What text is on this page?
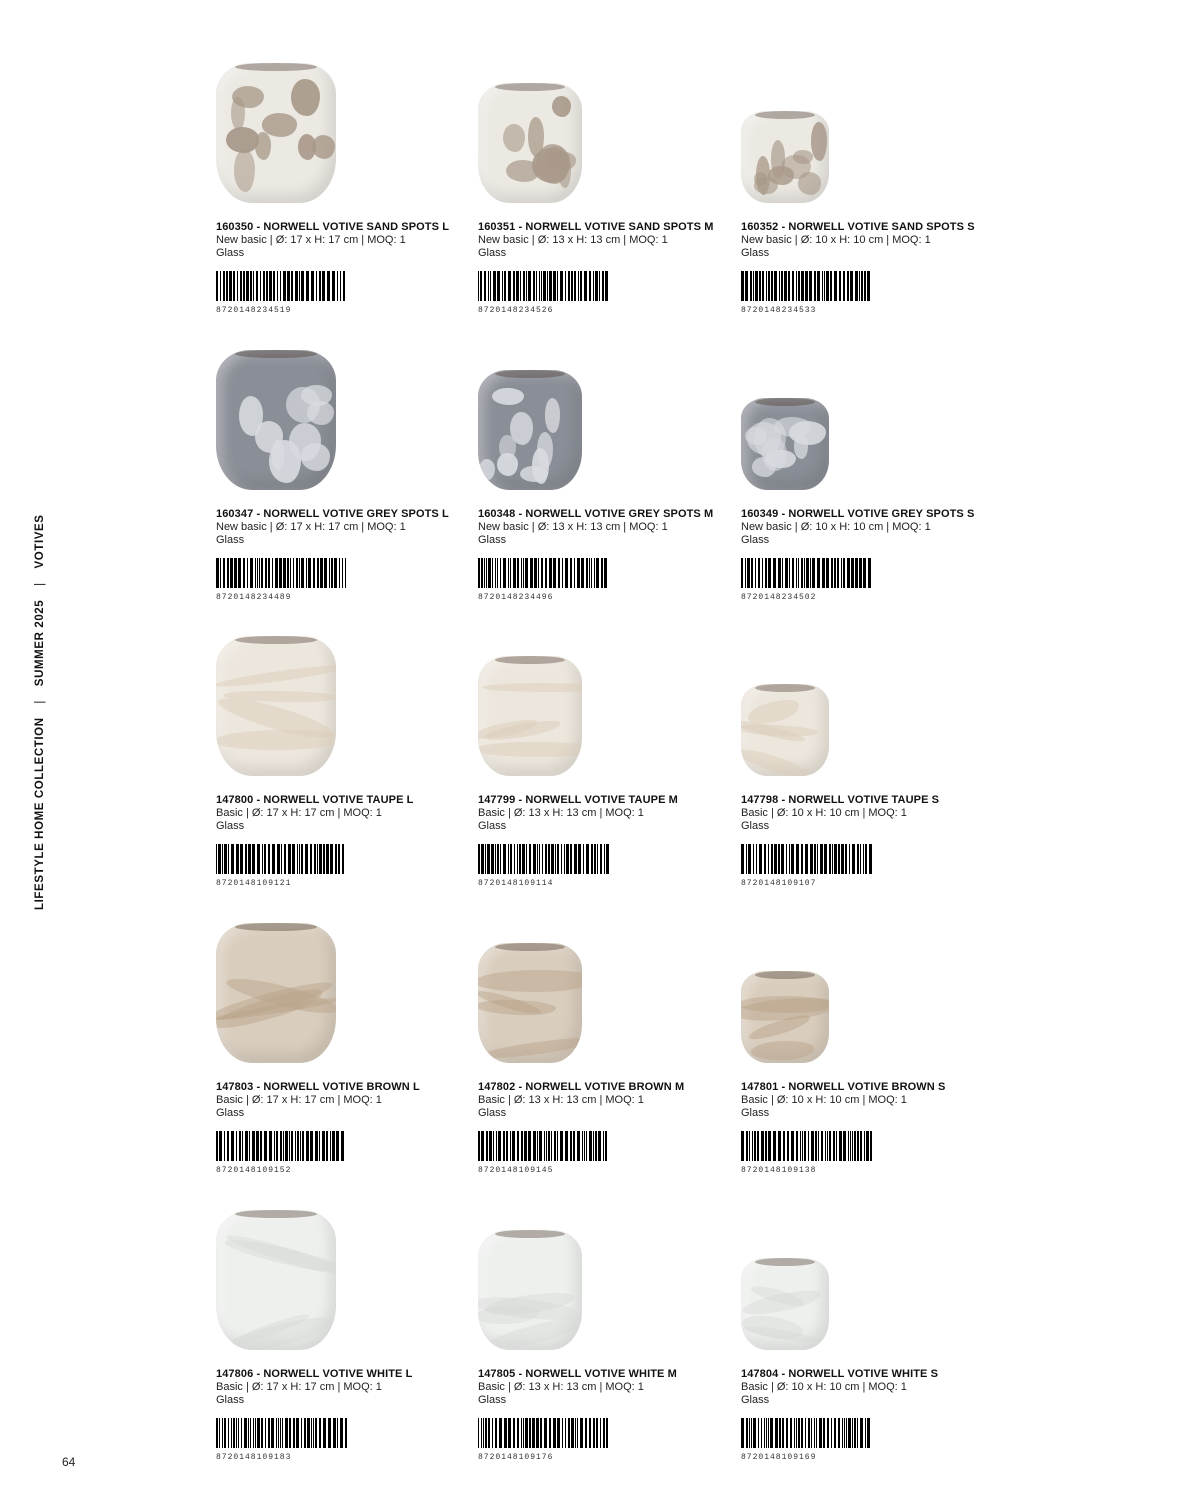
LIFESTYLE HOME COLLECTION | SUMMER 2025 | VOTIVES
64
160350 - NORWELL VOTIVE SAND SPOTS L
New basic | Ø: 17 x H: 17 cm | MOQ: 1
Glass
8720148234519
160351 - NORWELL VOTIVE SAND SPOTS M
New basic | Ø: 13 x H: 13 cm | MOQ: 1
Glass
8720148234526
160352 - NORWELL VOTIVE SAND SPOTS S
New basic | Ø: 10 x H: 10 cm | MOQ: 1
Glass
8720148234533
160347 - NORWELL VOTIVE GREY SPOTS L
New basic | Ø: 17 x H: 17 cm | MOQ: 1
Glass
8720148234489
160348 - NORWELL VOTIVE GREY SPOTS M
New basic | Ø: 13 x H: 13 cm | MOQ: 1
Glass
8720148234496
160349 - NORWELL VOTIVE GREY SPOTS S
New basic | Ø: 10 x H: 10 cm | MOQ: 1
Glass
8720148234502
147800 - NORWELL VOTIVE TAUPE L
Basic | Ø: 17 x H: 17 cm | MOQ: 1
Glass
8720148109121
147799 - NORWELL VOTIVE TAUPE M
Basic | Ø: 13 x H: 13 cm | MOQ: 1
Glass
8720148109114
147798 - NORWELL VOTIVE TAUPE S
Basic | Ø: 10 x H: 10 cm | MOQ: 1
Glass
8720148109107
147803 - NORWELL VOTIVE BROWN L
Basic | Ø: 17 x H: 17 cm | MOQ: 1
Glass
8720148109152
147802 - NORWELL VOTIVE BROWN M
Basic | Ø: 13 x H: 13 cm | MOQ: 1
Glass
8720148109145
147801 - NORWELL VOTIVE BROWN S
Basic | Ø: 10 x H: 10 cm | MOQ: 1
Glass
8720148109138
147806 - NORWELL VOTIVE WHITE L
Basic | Ø: 17 x H: 17 cm | MOQ: 1
Glass
8720148109183
147805 - NORWELL VOTIVE WHITE M
Basic | Ø: 13 x H: 13 cm | MOQ: 1
Glass
8720148109176
147804 - NORWELL VOTIVE WHITE S
Basic | Ø: 10 x H: 10 cm | MOQ: 1
Glass
8720148109169
